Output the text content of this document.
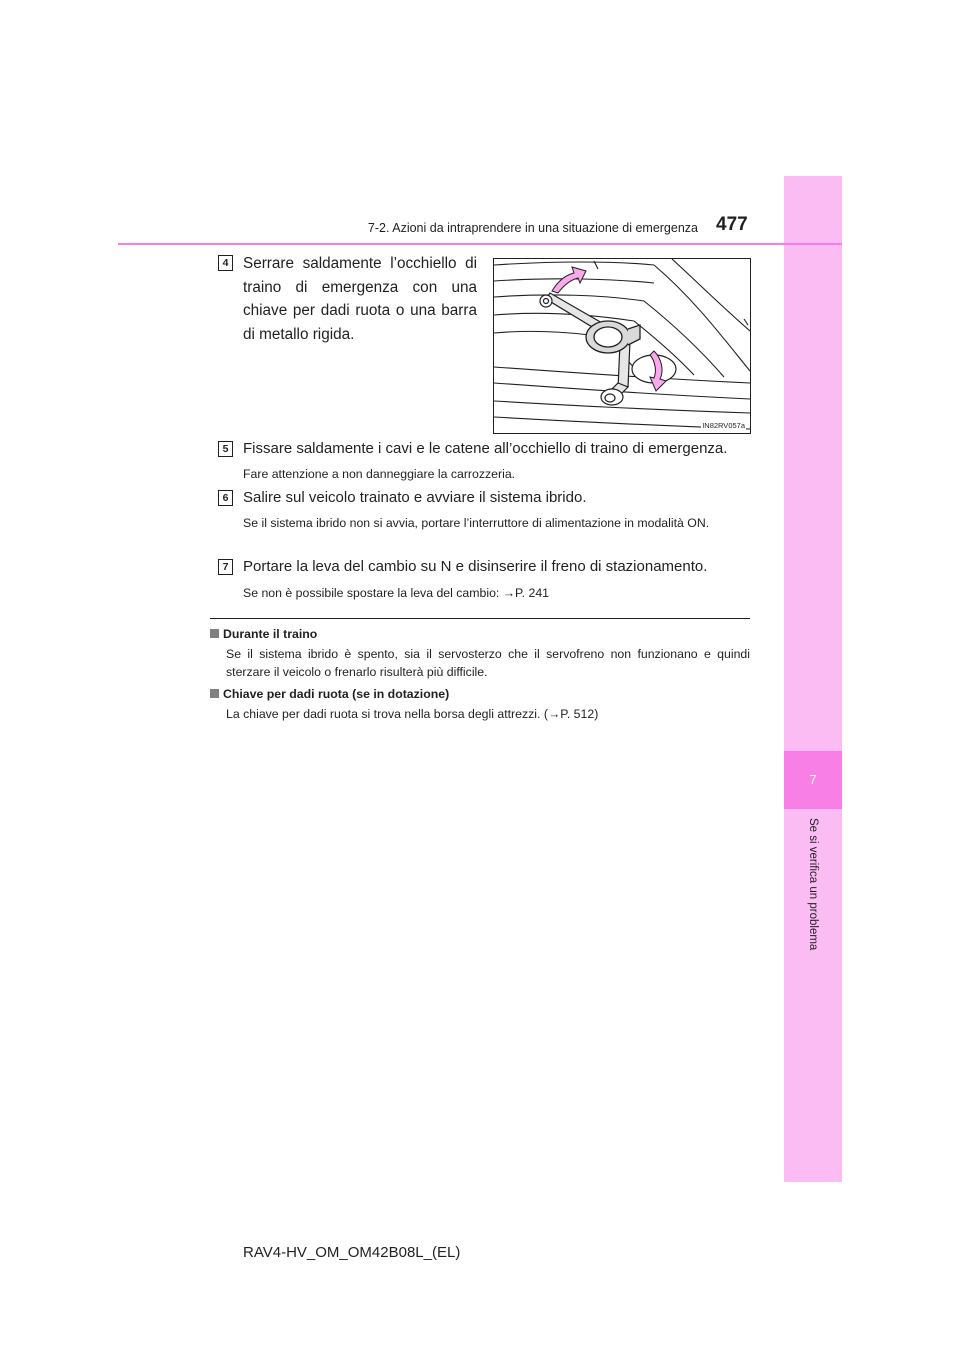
7
Se si verifica un problema
7-2. Azioni da intraprendere in una situazione di emergenza 477
4 Serrare saldamente l’occhiello di traino di emergenza con una chiave per dadi ruota o una barra di metallo rigida.
IN82RV057a
5 Fissare saldamente i cavi e le catene all’occhiello di traino di emergenza.
Fare attenzione a non danneggiare la carrozzeria.
6 Salire sul veicolo trainato e avviare il sistema ibrido.
Se il sistema ibrido non si avvia, portare l’interruttore di alimentazione in modalità ON.
7 Portare la leva del cambio su N e disinserire il freno di stazionamento.
Se non è possibile spostare la leva del cambio: →P. 241
Durante il traino
Se il sistema ibrido è spento, sia il servosterzo che il servofreno non funzionano e quindi sterzare il veicolo o frenarlo risulterà più difficile.
Chiave per dadi ruota (se in dotazione)
La chiave per dadi ruota si trova nella borsa degli attrezzi. (→P. 512)
RAV4-HV_OM_OM42B08L_(EL)
